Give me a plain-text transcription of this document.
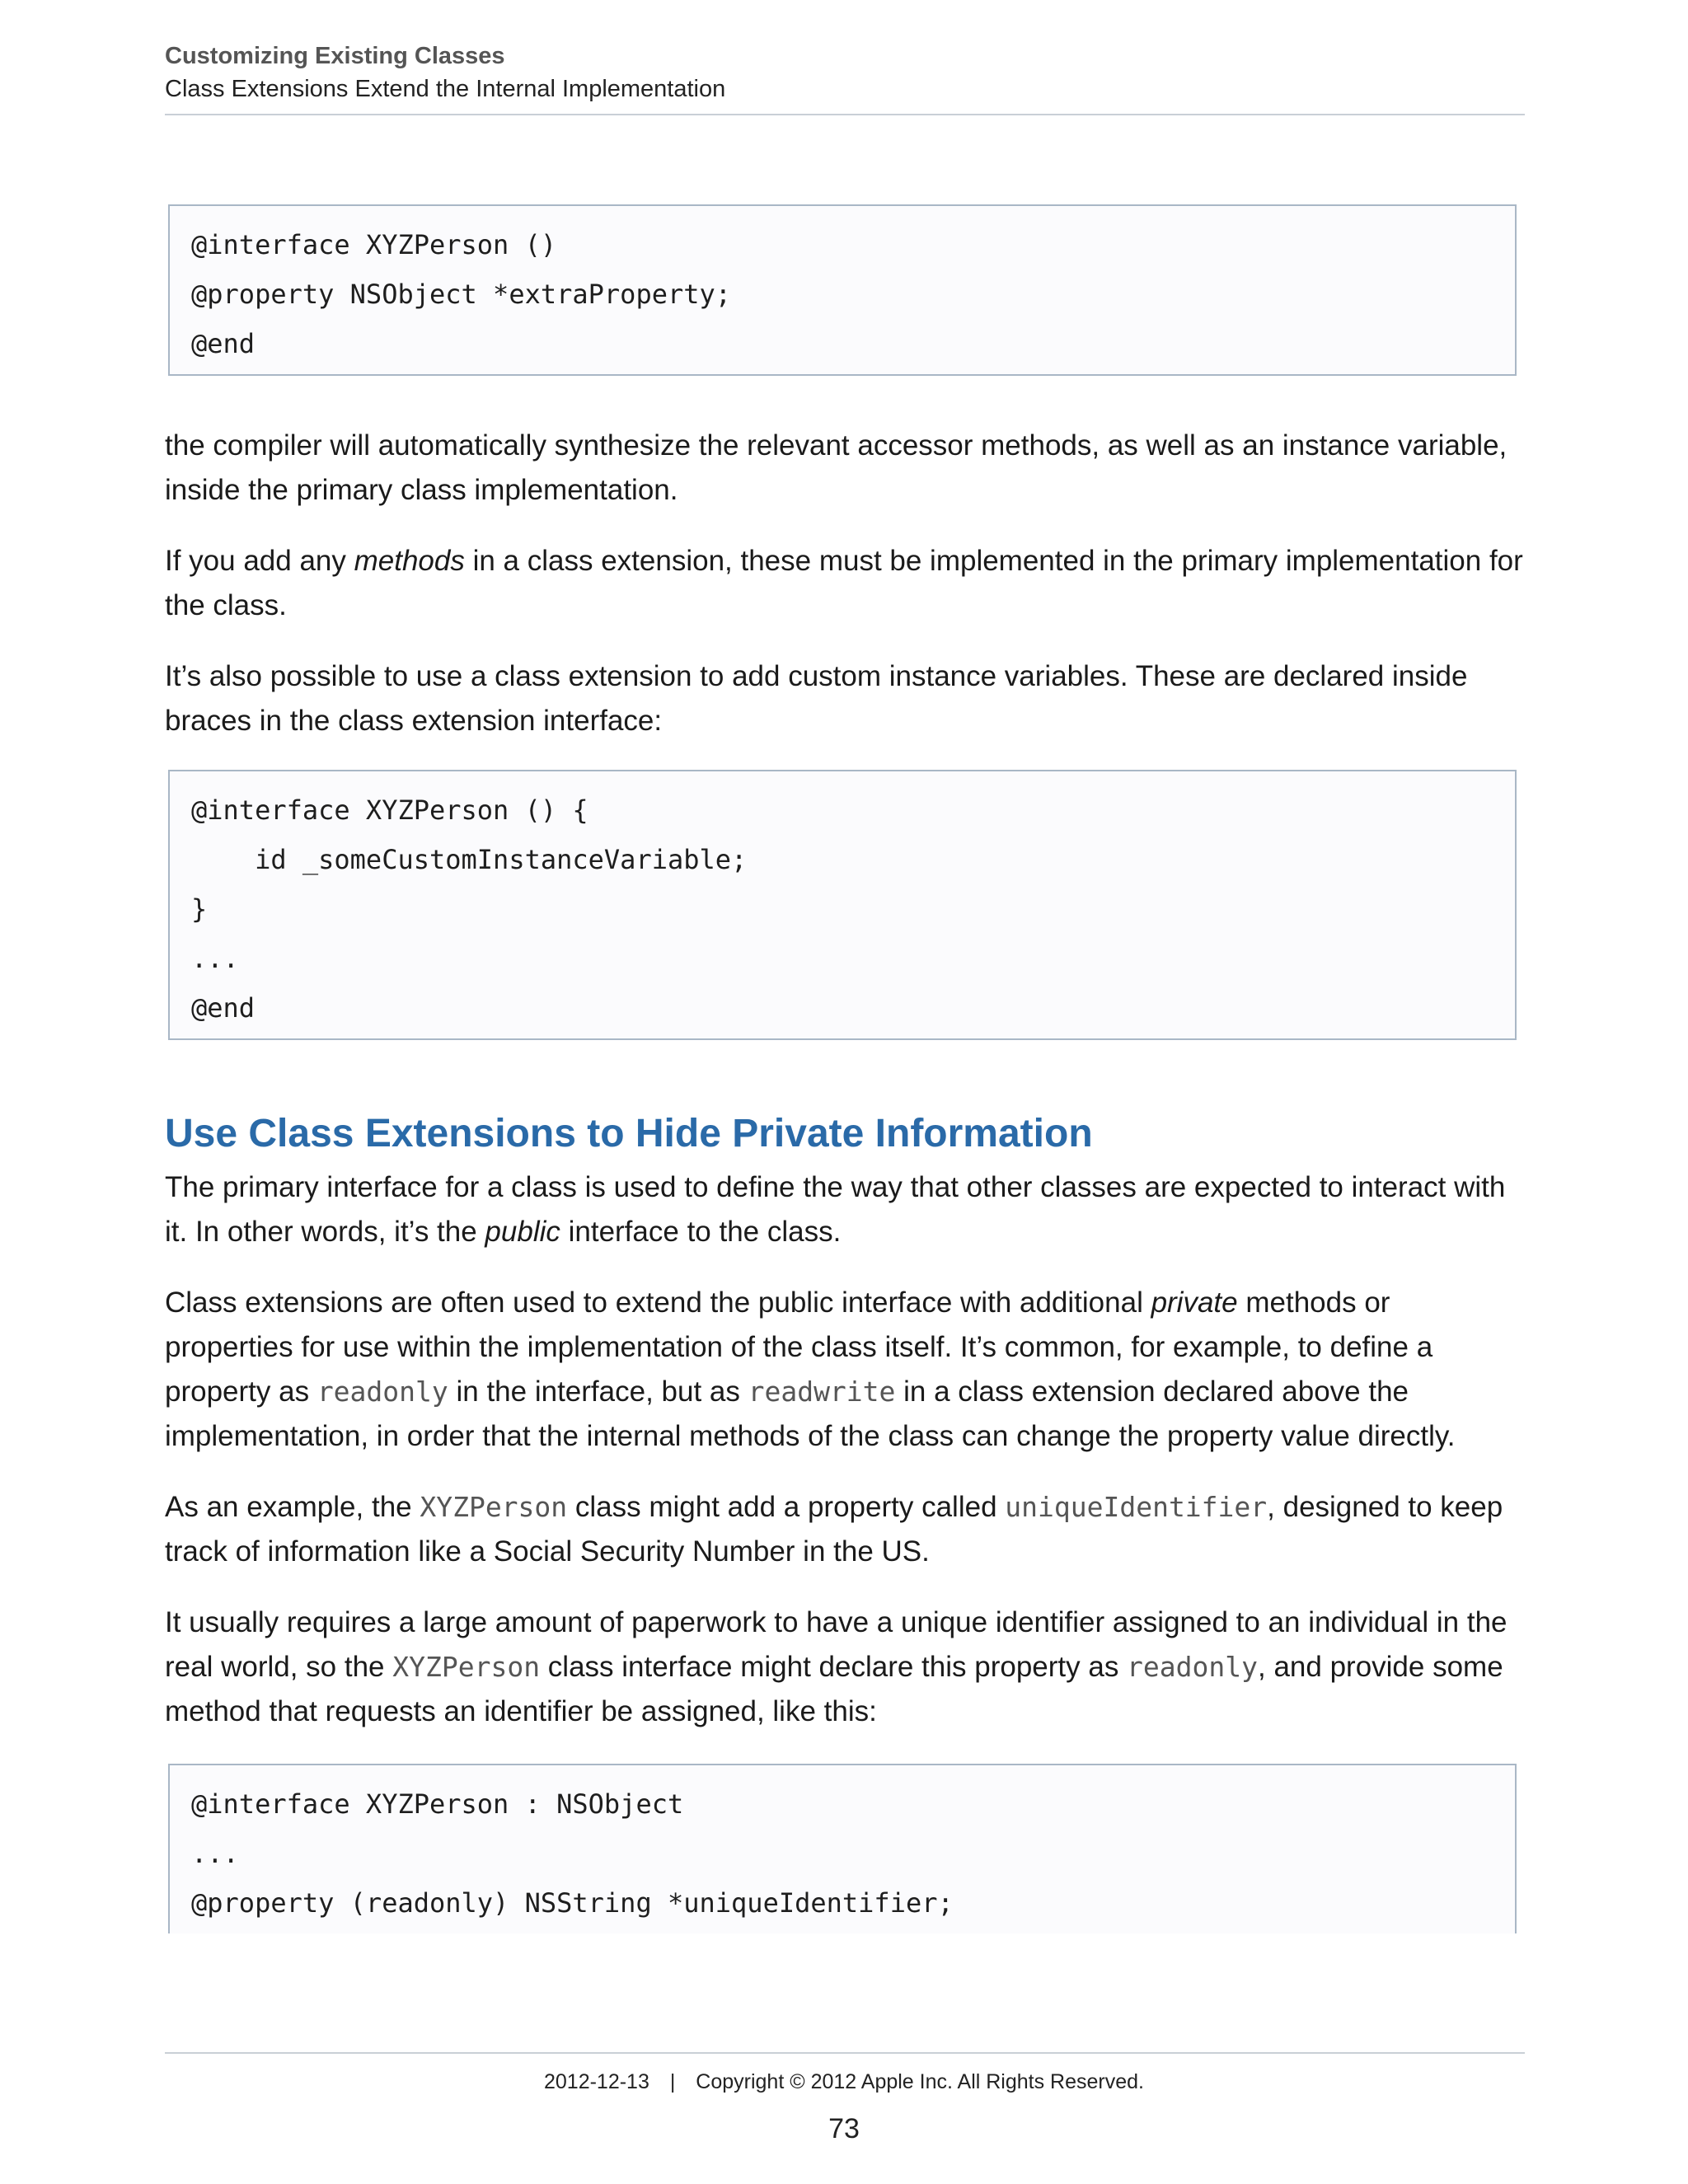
Customizing Existing Classes
Class Extensions Extend the Internal Implementation
@interface XYZPerson ()
@property NSObject *extraProperty;
@end

the compiler will automatically synthesize the relevant accessor methods, as well as an instance variable, inside the primary class implementation.

If you add any methods in a class extension, these must be implemented in the primary implementation for the class.

It’s also possible to use a class extension to add custom instance variables. These are declared inside braces in the class extension interface:

@interface XYZPerson () {
id _someCustomInstanceVariable;
}
...
@end
Use Class Extensions to Hide Private Information

The primary interface for a class is used to define the way that other classes are expected to interact with it. In other words, it’s the public interface to the class.

Class extensions are often used to extend the public interface with additional private methods or properties for use within the implementation of the class itself. It’s common, for example, to define a property as readonly in the interface, but as readwrite in a class extension declared above the implementation, in order that the internal methods of the class can change the property value directly.

As an example, the XYZPerson class might add a property called uniqueIdentifier, designed to keep track of information like a Social Security Number in the US.

It usually requires a large amount of paperwork to have a unique identifier assigned to an individual in the real world, so the XYZPerson class interface might declare this property as readonly, and provide some method that requests an identifier be assigned, like this:

@interface XYZPerson : NSObject
...
@property (readonly) NSString *uniqueIdentifier;
2012-12-13 | Copyright © 2012 Apple Inc. All Rights Reserved.
73
